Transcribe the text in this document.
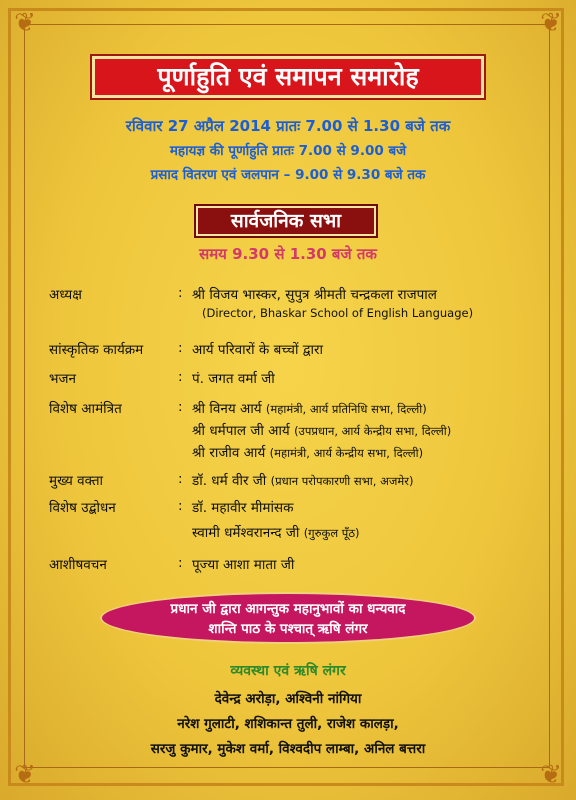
❦	❦
❦	❦
पूर्णाहुति एवं समापन समारोह
रविवार 27 अप्रैल 2014 प्रातः 7.00 से 1.30 बजे तक
महायज्ञ की पूर्णाहुति प्रातः 7.00 से 9.00 बजे
प्रसाद वितरण एवं जलपान – 9.00 से 9.30 बजे तक
सार्वजनिक सभा
समय 9.30 से 1.30 बजे तक
अध्यक्ष	: श्री विजय भास्कर, सुपुत्र श्रीमती चन्द्रकला राजपाल
(Director, Bhaskar School of English Language)
सांस्कृतिक कार्यक्रम	: आर्य परिवारों के बच्चों द्वारा
भजन	: पं. जगत वर्मा जी
विशेष आमंत्रित	: श्री विनय आर्य (महामंत्री, आर्य प्रतिनिधि सभा, दिल्ली)
श्री धर्मपाल जी आर्य (उपप्रधान, आर्य केन्द्रीय सभा, दिल्ली)
श्री राजीव आर्य (महामंत्री, आर्य केन्द्रीय सभा, दिल्ली)
मुख्य वक्ता	: डॉ. धर्म वीर जी (प्रधान परोपकारणी सभा, अजमेर)
विशेष उद्बोधन	: डॉ. महावीर मीमांसक
स्वामी धर्मेश्वरानन्द जी (गुरुकुल पूँठ)
आशीषवचन	: पूज्या आशा माता जी
प्रधान जी द्वारा आगन्तुक महानुभावों का धन्यवाद
शान्ति पाठ के पश्चात् ऋषि लंगर
व्यवस्था एवं ऋषि लंगर
देवेन्द्र अरोड़ा, अश्विनी नांगिया
नरेश गुलाटी, शशिकान्त तुली, राजेश कालड़ा,
सरजु कुमार, मुकेश वर्मा, विश्वदीप लाम्बा, अनिल बत्तरा
